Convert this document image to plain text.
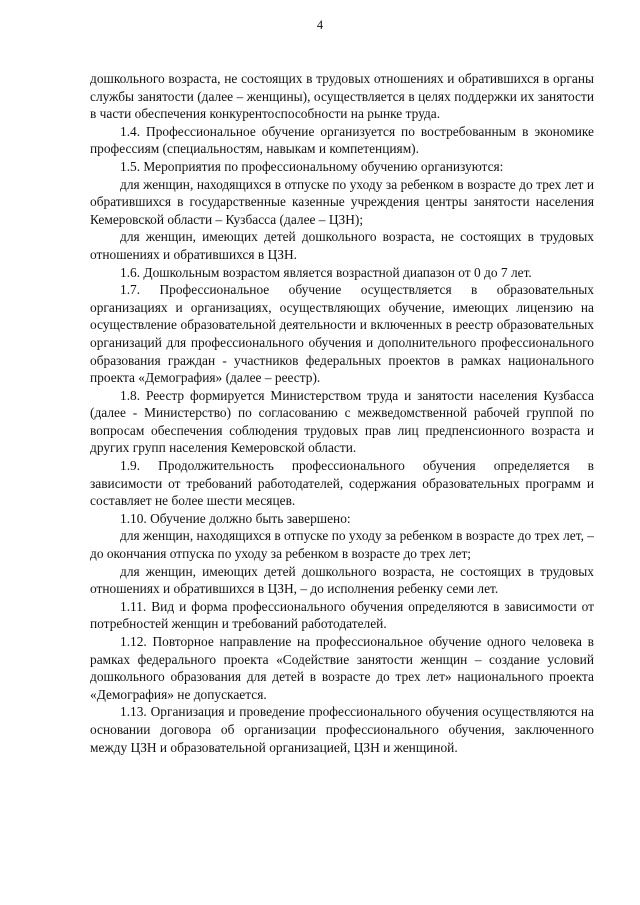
4

дошкольного возраста, не состоящих в трудовых отношениях и обратившихся в органы службы занятости (далее – женщины), осуществляется в целях поддержки их занятости в части обеспечения конкурентоспособности на рынке труда.

1.4. Профессиональное обучение организуется по востребованным в экономике профессиям (специальностям, навыкам и компетенциям).

1.5. Мероприятия по профессиональному обучению организуются:

для женщин, находящихся в отпуске по уходу за ребенком в возрасте до трех лет и обратившихся в государственные казенные учреждения центры занятости населения Кемеровской области – Кузбасса (далее – ЦЗН);

для женщин, имеющих детей дошкольного возраста, не состоящих в трудовых отношениях и обратившихся в ЦЗН.

1.6. Дошкольным возрастом является возрастной диапазон от 0 до 7 лет.

1.7. Профессиональное обучение осуществляется в образовательных организациях и организациях, осуществляющих обучение, имеющих лицензию на осуществление образовательной деятельности и включенных в реестр образовательных организаций для профессионального обучения и дополнительного профессионального образования граждан - участников федеральных проектов в рамках национального проекта «Демография» (далее – реестр).

1.8. Реестр формируется Министерством труда и занятости населения Кузбасса (далее - Министерство) по согласованию с межведомственной рабочей группой по вопросам обеспечения соблюдения трудовых прав лиц предпенсионного возраста и других групп населения Кемеровской области.

1.9. Продолжительность профессионального обучения определяется в зависимости от требований работодателей, содержания образовательных программ и составляет не более шести месяцев.

1.10. Обучение должно быть завершено:

для женщин, находящихся в отпуске по уходу за ребенком в возрасте до трех лет, – до окончания отпуска по уходу за ребенком в возрасте до трех лет;

для женщин, имеющих детей дошкольного возраста, не состоящих в трудовых отношениях и обратившихся в ЦЗН, – до исполнения ребенку семи лет.

1.11. Вид и форма профессионального обучения определяются в зависимости от потребностей женщин и требований работодателей.

1.12. Повторное направление на профессиональное обучение одного человека в рамках федерального проекта «Содействие занятости женщин – создание условий дошкольного образования для детей в возрасте до трех лет» национального проекта «Демография» не допускается.

1.13. Организация и проведение профессионального обучения осуществляются на основании договора об организации профессионального обучения, заключенного между ЦЗН и образовательной организацией, ЦЗН и женщиной.
